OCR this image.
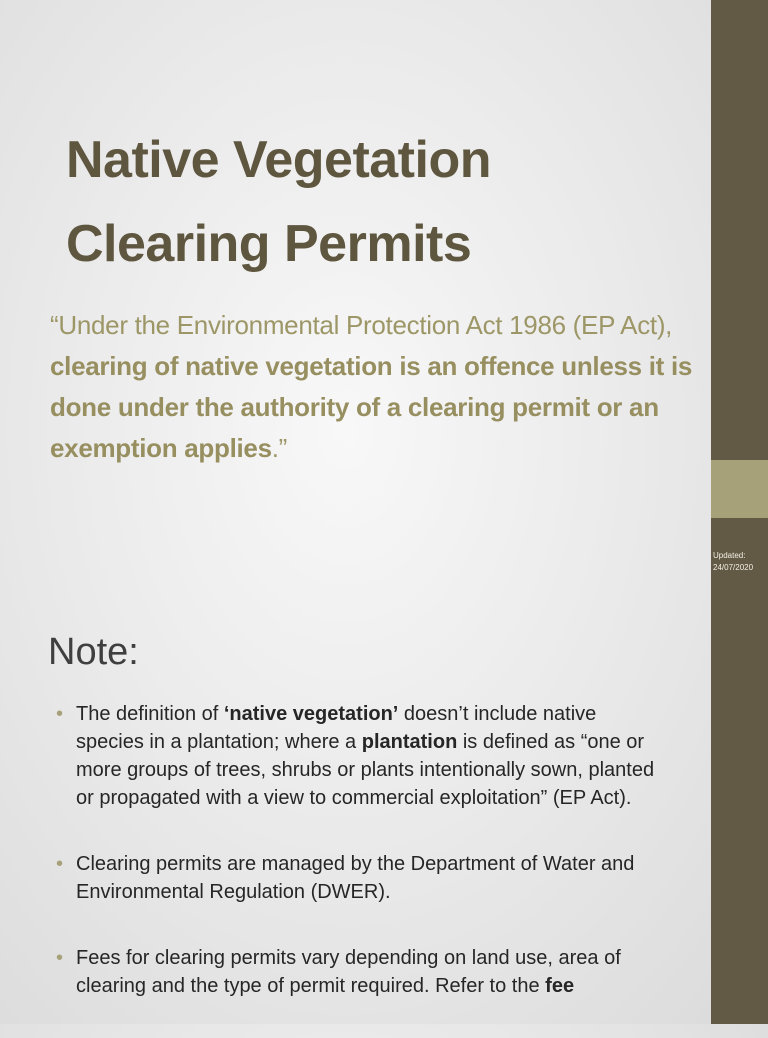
Updated:
24/07/2020
Native Vegetation
Clearing Permits

“Under the Environmental Protection Act 1986 (EP Act), clearing of native vegetation is an offence unless it is done under the authority of a clearing permit or an exemption applies.”

Note:
• The definition of ‘native vegetation’ doesn’t include native species in a plantation; where a plantation is defined as “one or more groups of trees, shrubs or plants intentionally sown, planted or propagated with a view to commercial exploitation” (EP Act).
• Clearing permits are managed by the Department of Water and Environmental Regulation (DWER).
• Fees for clearing permits vary depending on land use, area of clearing and the type of permit required. Refer to the fee
